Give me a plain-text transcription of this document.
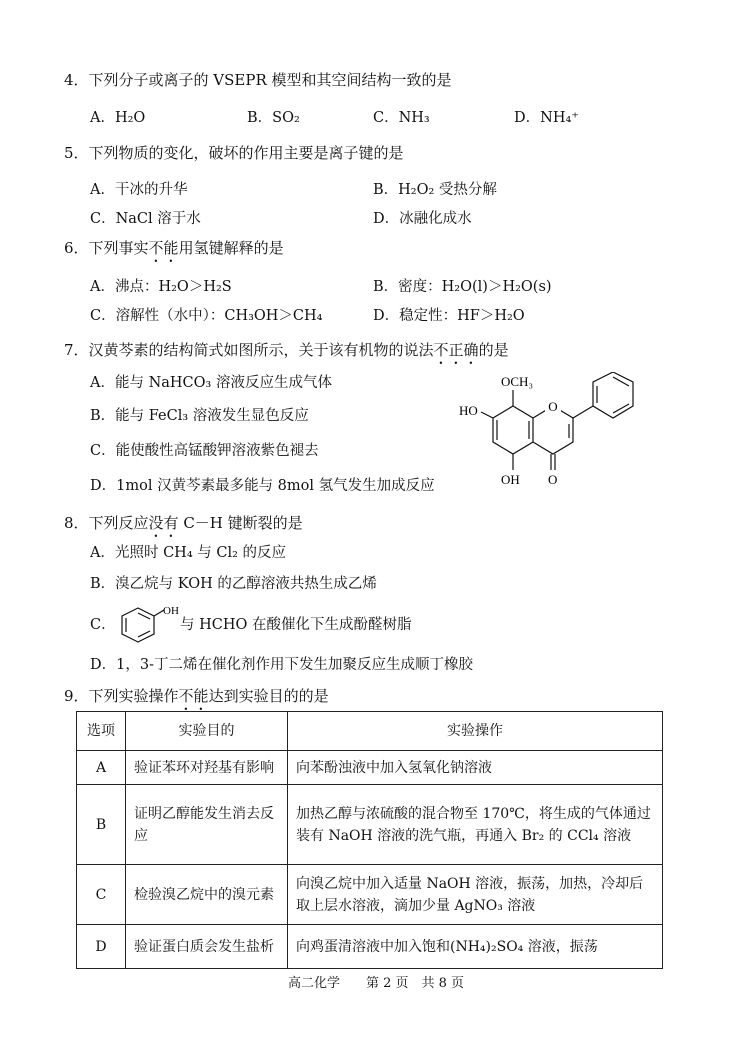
4．下列分子或离子的 VSEPR 模型和其空间结构一致的是
A．H₂O	B．SO₂	C．NH₃	D．NH₄⁺
5．下列物质的变化，破坏的作用主要是离子键的是
A．干冰的升华	B．H₂O₂ 受热分解
C．NaCl 溶于水	D．冰融化成水
6．下列事实不能用氢键解释的是
A．沸点：H₂O＞H₂S	B．密度：H₂O(l)＞H₂O(s)
C．溶解性（水中）：CH₃OH＞CH₄	D．稳定性：HF＞H₂O
7．汉黄芩素的结构简式如图所示，关于该有机物的说法不正确的是
A．能与 NaHCO₃ 溶液反应生成气体
B．能与 FeCl₃ 溶液发生显色反应
C．能使酸性高锰酸钾溶液紫色褪去
D．1mol 汉黄芩素最多能与 8mol 氢气发生加成反应
O
OCH₃
HO
OH O
8．下列反应没有 C－H 键断裂的是
A．光照时 CH₄ 与 Cl₂ 的反应
B．溴乙烷与 KOH 的乙醇溶液共热生成乙烯
C．
OH
与 HCHO 在酸催化下生成酚醛树脂
D．1，3-丁二烯在催化剂作用下发生加聚反应生成顺丁橡胶
9．下列实验操作不能达到实验目的的是
选项	实验目的	实验操作
A	验证苯环对羟基有影响	向苯酚浊液中加入氢氧化钠溶液
B	证明乙醇能发生消去反应	加热乙醇与浓硫酸的混合物至 170℃，将生成的气体通过装有 NaOH 溶液的洗气瓶，再通入 Br₂ 的 CCl₄ 溶液
C	检验溴乙烷中的溴元素	向溴乙烷中加入适量 NaOH 溶液，振荡，加热，冷却后取上层水溶液，滴加少量 AgNO₃ 溶液
D	验证蛋白质会发生盐析	向鸡蛋清溶液中加入饱和(NH₄)₂SO₄ 溶液，振荡
高二化学　　第 2 页　共 8 页
